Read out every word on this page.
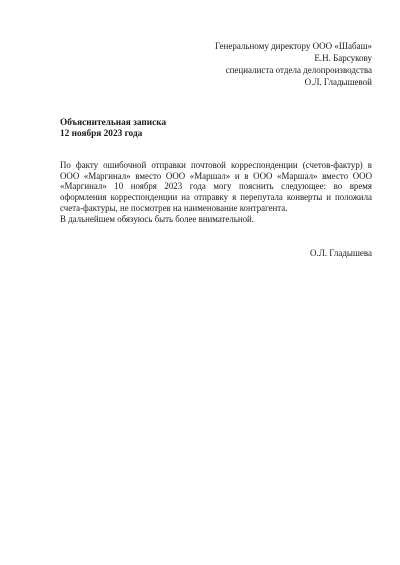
Генеральному директору ООО «Шабаш»
Е.Н. Барсукову
специалиста отдела делопроизводства
О.Л. Гладышевой
Объяснительная записка
12 ноября 2023 года

По факту ошибочной отправки почтовой корреспонденции (счетов-фактур) в ООО «Маргинал» вместо ООО «Маршал» и в ООО «Маршал» вместо ООО «Маргинал» 10 ноября 2023 года могу пояснить следующее: во время оформления корреспонденции на отправку я перепутала конверты и положила счета-фактуры, не посмотрев на наименование контрагента.

В дальнейшем обязуюсь быть более внимательной.

О.Л. Гладышева
